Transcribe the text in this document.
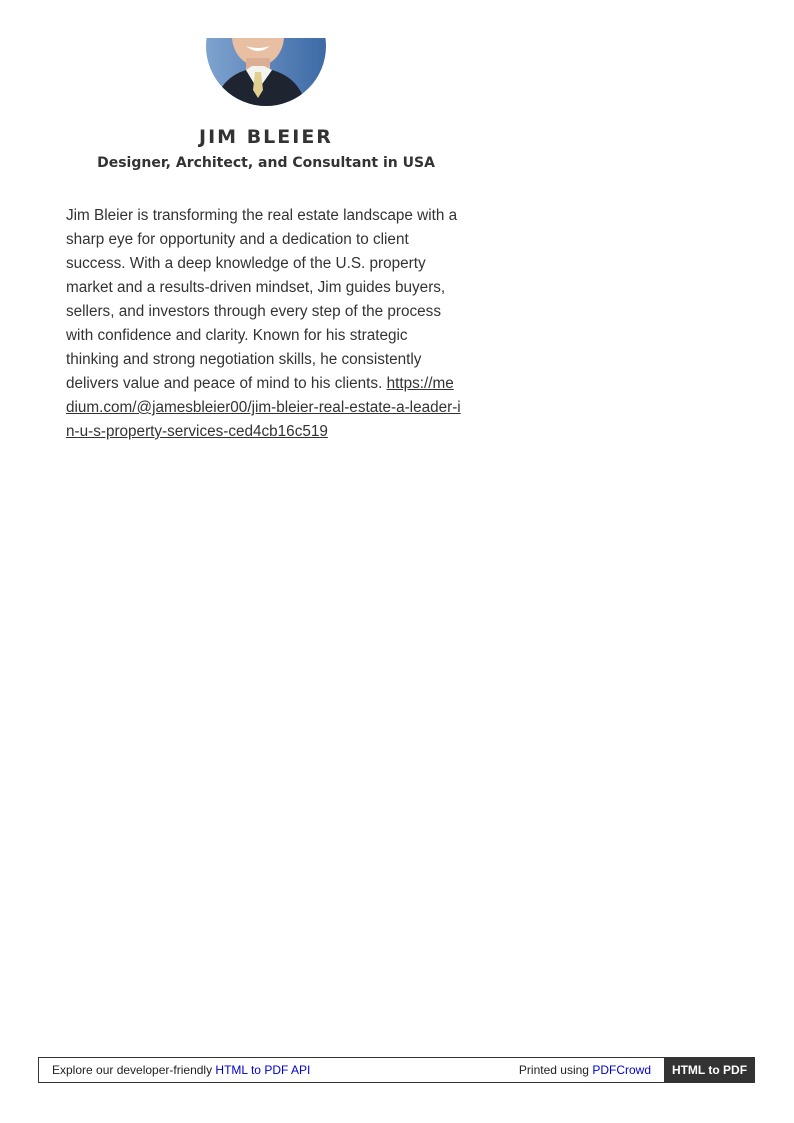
JIM BLEIER
Designer, Architect, and Consultant in USA

Jim Bleier is transforming the real estate landscape with a sharp eye for opportunity and a dedication to client success. With a deep knowledge of the U.S. property market and a results-driven mindset, Jim guides buyers, sellers, and investors through every step of the process with confidence and clarity. Known for his strategic thinking and strong negotiation skills, he consistently delivers value and peace of mind to his clients. https://medium.com/@jamesbleier00/jim-bleier-real-estate-a-leader-in-u-s-property-services-ced4cb16c519

Explore our developer-friendly HTML to PDF API	Printed using PDFCrowd	HTML to PDF
